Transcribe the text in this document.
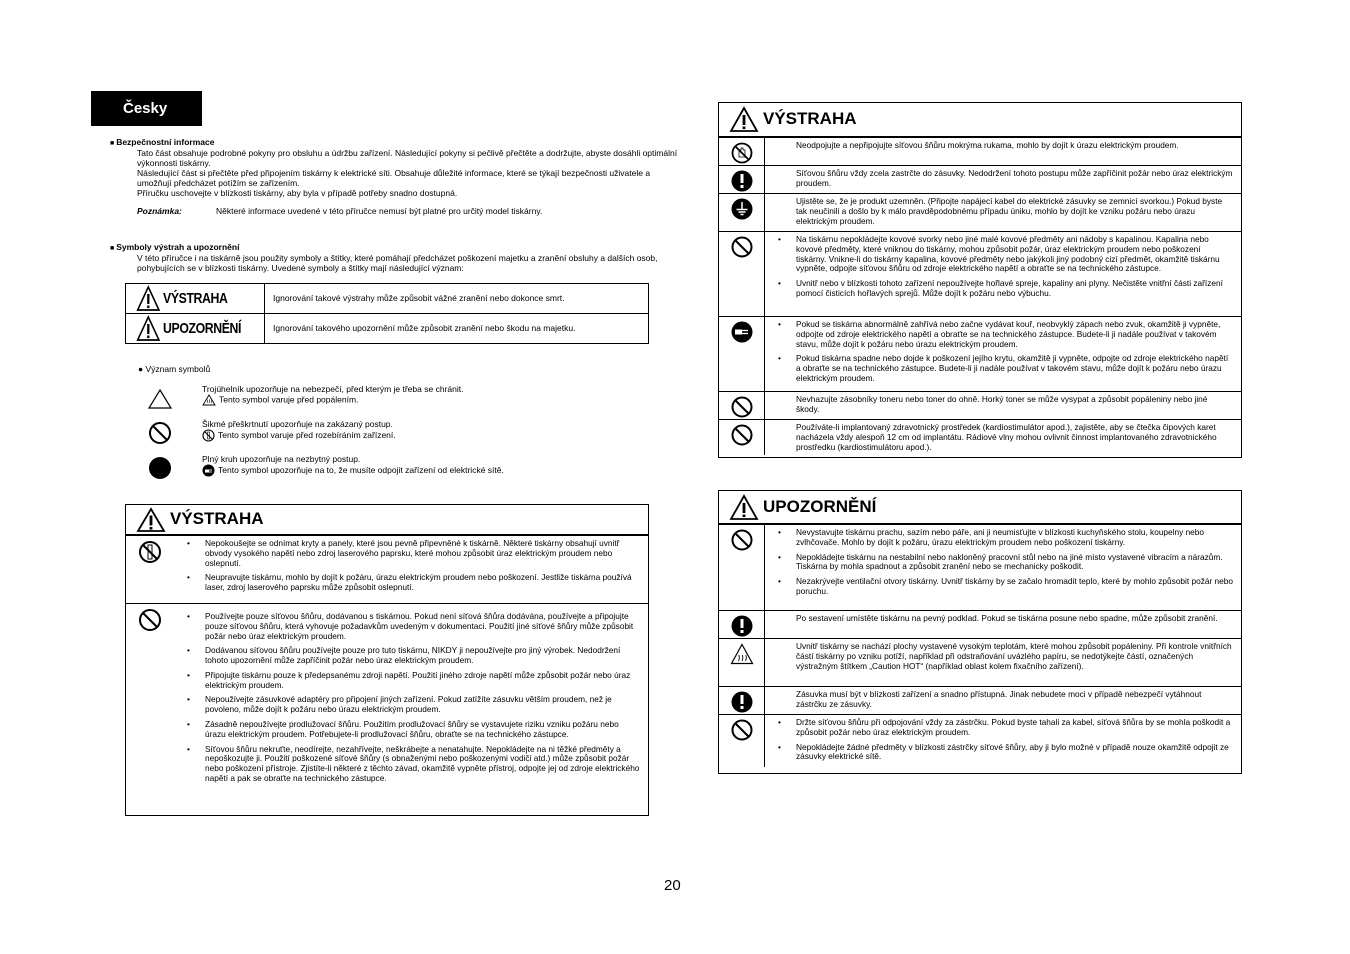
Česky
■ Bezpečnostní informace
Tato část obsahuje podrobné pokyny pro obsluhu a údržbu zařízení. Následující pokyny si pečlivě přečtěte a dodržujte, abyste dosáhli optimální výkonnosti tiskárny.
Následující část si přečtěte před připojením tiskárny k elektrické síti. Obsahuje důležité informace, které se týkají bezpečnosti uživatele a umožňují předcházet potížím se zařízením.
Příručku uschovejte v blízkosti tiskárny, aby byla v případě potřeby snadno dostupná.
Poznámka:	Některé informace uvedené v této příručce nemusí být platné pro určitý model tiskárny.
■ Symboly výstrah a upozornění
V této příručce i na tiskárně jsou použity symboly a štítky, které pomáhají předcházet poškození majetku a zranění obsluhy a dalších osob, pohybujících se v blízkosti tiskárny. Uvedené symboly a štítky mají následující význam:
VÝSTRAHA	Ignorování takové výstrahy může způsobit vážné zranění nebo dokonce smrt.

UPOZORNĚNÍ	Ignorování takového upozornění může způsobit zranění nebo škodu na majetku.
● Význam symbolů
Trojúhelník upozorňuje na nebezpečí, před kterým je třeba se chránit.
Tento symbol varuje před popálením.
Šikmé přeškrtnutí upozorňuje na zakázaný postup.
Tento symbol varuje před rozebíráním zařízení.
Plný kruh upozorňuje na nezbytný postup.
Tento symbol upozorňuje na to, že musíte odpojit zařízení od elektrické sítě.
VÝSTRAHA
• Nepokoušejte se odnímat kryty a panely, které jsou pevně připevněné k tiskárně. Některé tiskárny obsahují uvnitř obvody vysokého napětí nebo zdroj laserového paprsku, které mohou způsobit úraz elektrickým proudem nebo oslepnutí.
• Neupravujte tiskárnu, mohlo by dojít k požáru, úrazu elektrickým proudem nebo poškození. Jestliže tiskárna používá laser, zdroj laserového paprsku může způsobit oslepnutí.
• Používejte pouze síťovou šňůru, dodávanou s tiskárnou. Pokud není síťová šňůra dodávána, používejte a připojujte pouze síťovou šňůru, která vyhovuje požadavkům uvedeným v dokumentaci. Použití jiné síťové šňůry může způsobit požár nebo úraz elektrickým proudem.
• Dodávanou síťovou šňůru používejte pouze pro tuto tiskárnu, NIKDY ji nepoužívejte pro jiný výrobek. Nedodržení tohoto upozornění může zapříčinit požár nebo úraz elektrickým proudem.
• Připojujte tiskárnu pouze k předepsanému zdroji napětí. Použití jiného zdroje napětí může způsobit požár nebo úraz elektrickým proudem.
• Nepoužívejte zásuvkové adaptéry pro připojení jiných zařízení. Pokud zatížíte zásuvku větším proudem, než je povoleno, může dojít k požáru nebo úrazu elektrickým proudem.
• Zásadně nepoužívejte prodlužovací šňůru. Použitím prodlužovací šňůry se vystavujete riziku vzniku požáru nebo úrazu elektrickým proudem. Potřebujete-li prodlužovací šňůru, obraťte se na technického zástupce.
• Síťovou šňůru nekruťte, neodírejte, nezahřívejte, neškrábejte a nenatahujte. Nepokládejte na ni těžké předměty a nepoškozujte ji. Použití poškozené síťové šňůry (s obnaženými nebo poškozenými vodiči atd.) může způsobit požár nebo poškození přístroje. Zjistíte-li některé z těchto závad, okamžitě vypněte přístroj, odpojte jej od zdroje elektrického napětí a pak se obraťte na technického zástupce.
VÝSTRAHA

Neodpojujte a nepřipojujte síťovou šňůru mokrýma rukama, mohlo by dojít k úrazu elektrickým proudem.

Síťovou šňůru vždy zcela zastrčte do zásuvky. Nedodržení tohoto postupu může zapříčinit požár nebo úraz elektrickým proudem.

Ujistěte se, že je produkt uzemněn. (Připojte napájecí kabel do elektrické zásuvky se zemnicí svorkou.) Pokud byste tak neučinili a došlo by k málo pravděpodobnému případu úniku, mohlo by dojít ke vzniku požáru nebo úrazu elektrickým proudem.

• Na tiskárnu nepokládejte kovové svorky nebo jiné malé kovové předměty ani nádoby s kapalinou. Kapalina nebo kovové předměty, které vniknou do tiskárny, mohou způsobit požár, úraz elektrickým proudem nebo poškození tiskárny. Vnikne-li do tiskárny kapalina, kovové předměty nebo jakýkoli jiný podobný cizí předmět, okamžitě tiskárnu vypněte, odpojte síťovou šňůru od zdroje elektrického napětí a obraťte se na technického zástupce.
• Uvnitř nebo v blízkosti tohoto zařízení nepoužívejte hořlavé spreje, kapaliny ani plyny. Nečistěte vnitřní části zařízení pomocí čisticích hořlavých sprejů. Může dojít k požáru nebo výbuchu.
• Pokud se tiskárna abnormálně zahřívá nebo začne vydávat kouř, neobvyklý zápach nebo zvuk, okamžitě ji vypněte, odpojte od zdroje elektrického napětí a obraťte se na technického zástupce. Budete-li ji nadále používat v takovém stavu, může dojít k požáru nebo úrazu elektrickým proudem.
• Pokud tiskárna spadne nebo dojde k poškození jejího krytu, okamžitě ji vypněte, odpojte od zdroje elektrického napětí a obraťte se na technického zástupce. Budete-li ji nadále používat v takovém stavu, může dojít k požáru nebo úrazu elektrickým proudem.

Nevhazujte zásobníky toneru nebo toner do ohně. Horký toner se může vysypat a způsobit popáleniny nebo jiné škody.

Používáte-li implantovaný zdravotnický prostředek (kardiostimulátor apod.), zajistěte, aby se čtečka čipových karet nacházela vždy alespoň 12 cm od implantátu. Rádiové vlny mohou ovlivnit činnost implantovaného zdravotnického prostředku (kardiostimulátoru apod.).

UPOZORNĚNÍ
• Nevystavujte tiskárnu prachu, sazím nebo páře, ani ji neumisťujte v blízkosti kuchyňského stolu, koupelny nebo zvlhčovače. Mohlo by dojít k požáru, úrazu elektrickým proudem nebo poškození tiskárny.
• Nepokládejte tiskárnu na nestabilní nebo nakloněný pracovní stůl nebo na jiné místo vystavené vibracím a nárazům. Tiskárna by mohla spadnout a způsobit zranění nebo se mechanicky poškodit.
• Nezakrývejte ventilační otvory tiskárny. Uvnitř tiskárny by se začalo hromadit teplo, které by mohlo způsobit požár nebo poruchu.

Po sestavení umístěte tiskárnu na pevný podklad. Pokud se tiskárna posune nebo spadne, může způsobit zranění.

Uvnitř tiskárny se nachází plochy vystavené vysokým teplotám, které mohou způsobit popáleniny. Při kontrole vnitřních částí tiskárny po vzniku potíží, například při odstraňování uvázlého papíru, se nedotýkejte částí, označených výstražným štítkem „Caution HOT“ (například oblast kolem fixačního zařízení).

Zásuvka musí být v blízkosti zařízení a snadno přístupná. Jinak nebudete moci v případě nebezpečí vytáhnout zástrčku ze zásuvky.

• Držte síťovou šňůru při odpojování vždy za zástrčku. Pokud byste tahali za kabel, síťová šňůra by se mohla poškodit a způsobit požár nebo úraz elektrickým proudem.
• Nepokládejte žádné předměty v blízkosti zástrčky síťové šňůry, aby ji bylo možné v případě nouze okamžitě odpojit ze zásuvky elektrické sítě.
20
